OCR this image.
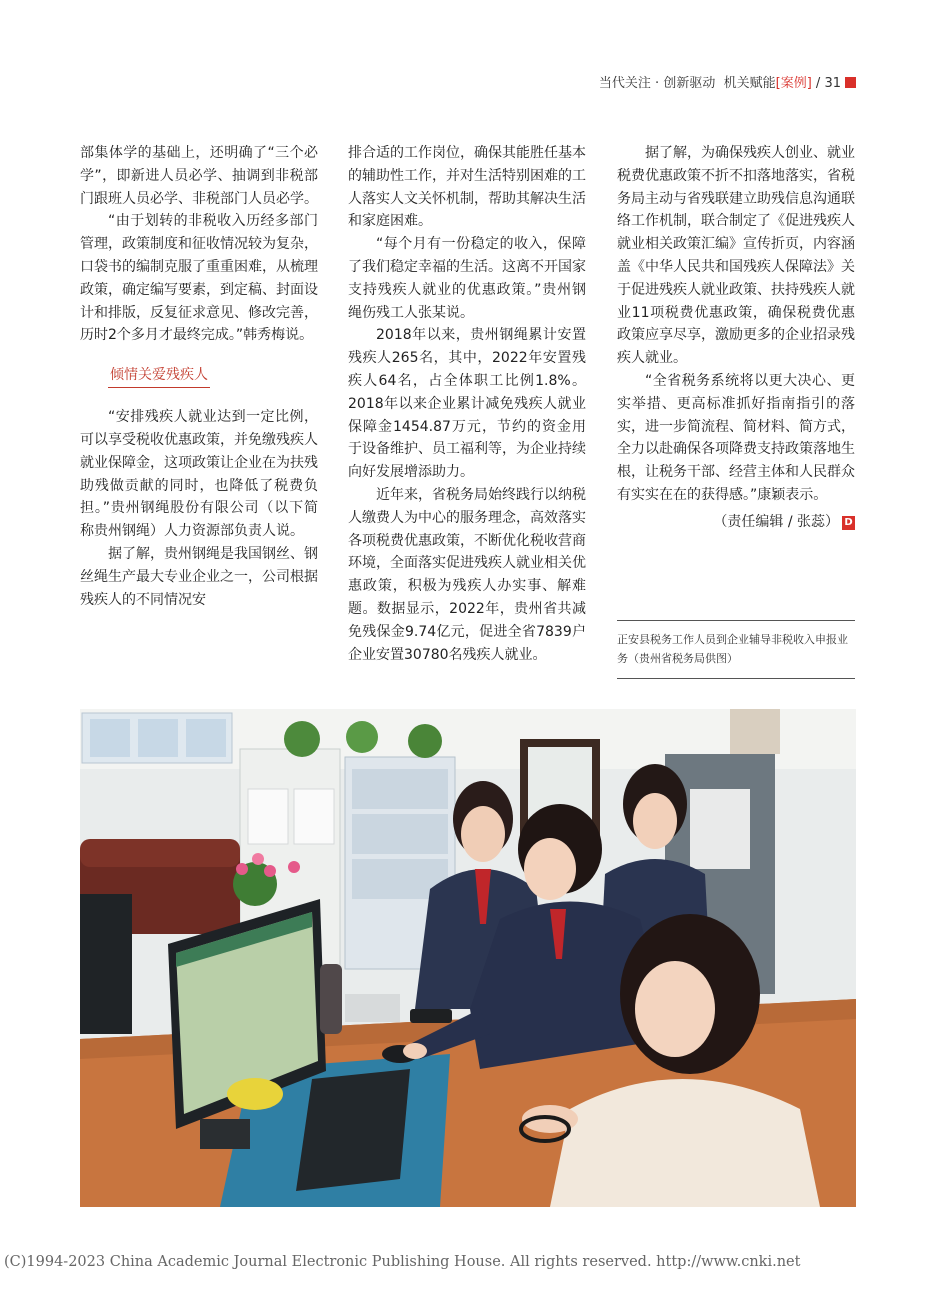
当代关注 · 创新驱动 机关赋能[案例] / 31

部集体学的基础上，还明确了“三个必学”，即新进人员必学、抽调到非税部门跟班人员必学、非税部门人员必学。

“由于划转的非税收入历经多部门管理，政策制度和征收情况较为复杂，口袋书的编制克服了重重困难，从梳理政策，确定编写要素，到定稿、封面设计和排版，反复征求意见、修改完善，历时2个多月才最终完成。”韩秀梅说。

倾情关爱残疾人

“安排残疾人就业达到一定比例，可以享受税收优惠政策，并免缴残疾人就业保障金，这项政策让企业在为扶残助残做贡献的同时，也降低了税费负担。”贵州钢绳股份有限公司（以下简称贵州钢绳）人力资源部负责人说。

据了解，贵州钢绳是我国钢丝、钢丝绳生产最大专业企业之一，公司根据残疾人的不同情况安

排合适的工作岗位，确保其能胜任基本的辅助性工作，并对生活特别困难的工人落实人文关怀机制，帮助其解决生活和家庭困难。

“每个月有一份稳定的收入，保障了我们稳定幸福的生活。这离不开国家支持残疾人就业的优惠政策。”贵州钢绳伤残工人张某说。

2018年以来，贵州钢绳累计安置残疾人265名，其中，2022年安置残疾人64名，占全体职工比例1.8%。2018年以来企业累计减免残疾人就业保障金1454.87万元，节约的资金用于设备维护、员工福利等，为企业持续向好发展增添助力。

近年来，省税务局始终践行以纳税人缴费人为中心的服务理念，高效落实各项税费优惠政策，不断优化税收营商环境，全面落实促进残疾人就业相关优惠政策，积极为残疾人办实事、解难题。数据显示，2022年，贵州省共减免残保金9.74亿元，促进全省7839户企业安置30780名残疾人就业。

据了解，为确保残疾人创业、就业税费优惠政策不折不扣落地落实，省税务局主动与省残联建立助残信息沟通联络工作机制，联合制定了《促进残疾人就业相关政策汇编》宣传折页，内容涵盖《中华人民共和国残疾人保障法》关于促进残疾人就业政策、扶持残疾人就业11项税费优惠政策，确保税费优惠政策应享尽享，激励更多的企业招录残疾人就业。

“全省税务系统将以更大决心、更实举措、更高标准抓好指南指引的落实，进一步简流程、简材料、简方式，全力以赴确保各项降费支持政策落地生根，让税务干部、经营主体和人民群众有实实在在的获得感。”康颖表示。

（责任编辑 / 张蕊） D
正安县税务工作人员到企业辅导非税收入申报业务（贵州省税务局供图）
(C)1994-2023 China Academic Journal Electronic Publishing House. All rights reserved. http://www.cnki.net
